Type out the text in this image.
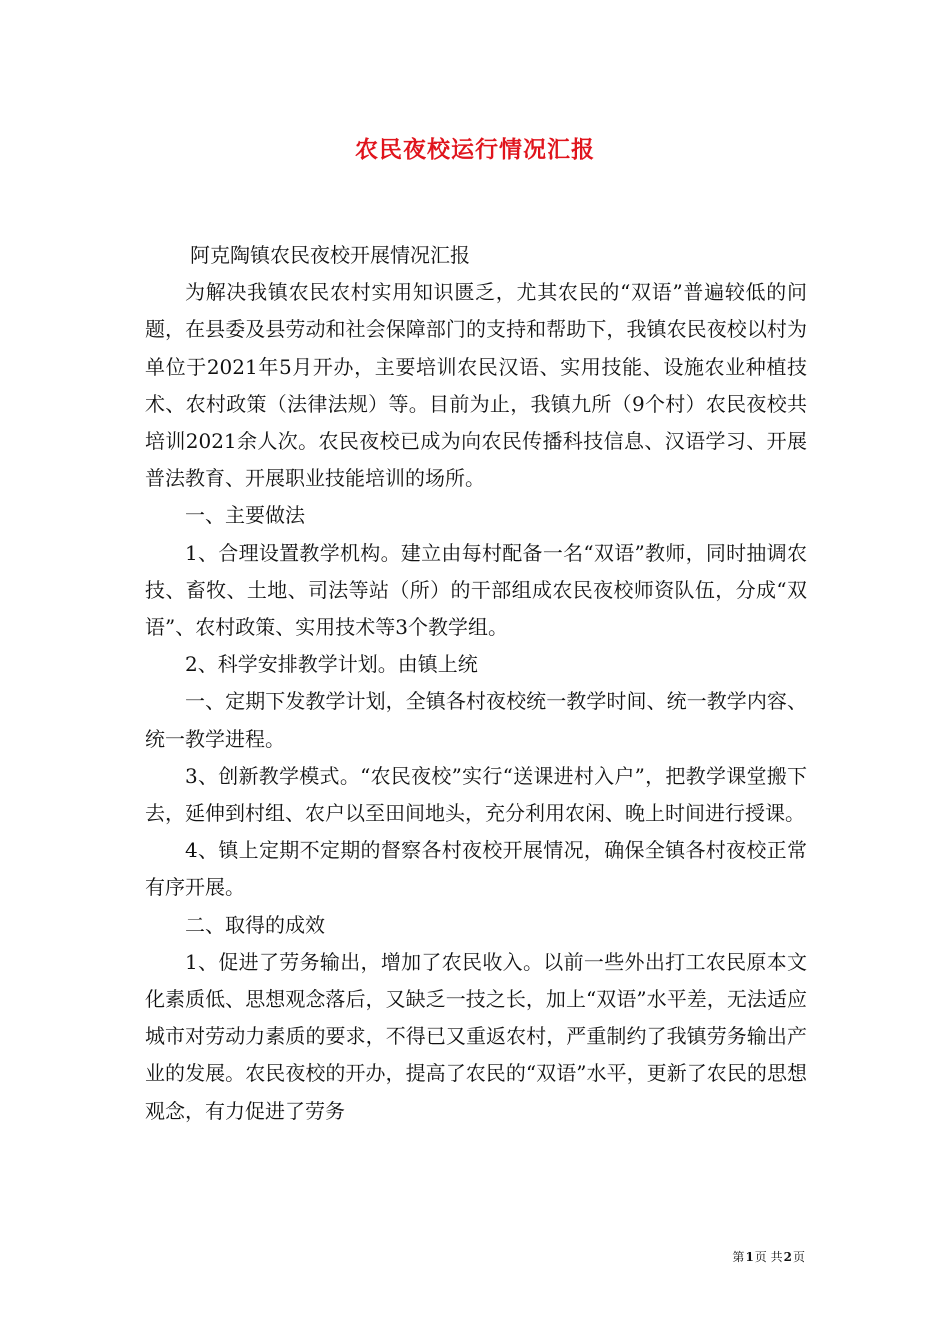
农民夜校运行情况汇报

阿克陶镇农民夜校开展情况汇报

为解决我镇农民农村实用知识匮乏，尤其农民的“双语”普遍较低的问题，在县委及县劳动和社会保障部门的支持和帮助下，我镇农民夜校以村为单位于2021年5月开办，主要培训农民汉语、实用技能、设施农业种植技术、农村政策（法律法规）等。目前为止，我镇九所（9个村）农民夜校共培训2021余人次。农民夜校已成为向农民传播科技信息、汉语学习、开展普法教育、开展职业技能培训的场所。

一、主要做法

1、合理设置教学机构。建立由每村配备一名“双语”教师，同时抽调农技、畜牧、土地、司法等站（所）的干部组成农民夜校师资队伍，分成“双语”、农村政策、实用技术等3个教学组。

2、科学安排教学计划。由镇上统

一、定期下发教学计划，全镇各村夜校统一教学时间、统一教学内容、统一教学进程。

3、创新教学模式。“农民夜校”实行“送课进村入户”，把教学课堂搬下去，延伸到村组、农户以至田间地头，充分利用农闲、晚上时间进行授课。

4、镇上定期不定期的督察各村夜校开展情况，确保全镇各村夜校正常有序开展。

二、取得的成效

1、促进了劳务输出，增加了农民收入。以前一些外出打工农民原本文化素质低、思想观念落后，又缺乏一技之长，加上“双语”水平差，无法适应城市对劳动力素质的要求，不得已又重返农村，严重制约了我镇劳务输出产业的发展。农民夜校的开办，提高了农民的“双语”水平，更新了农民的思想观念，有力促进了劳务

第1页 共2页
